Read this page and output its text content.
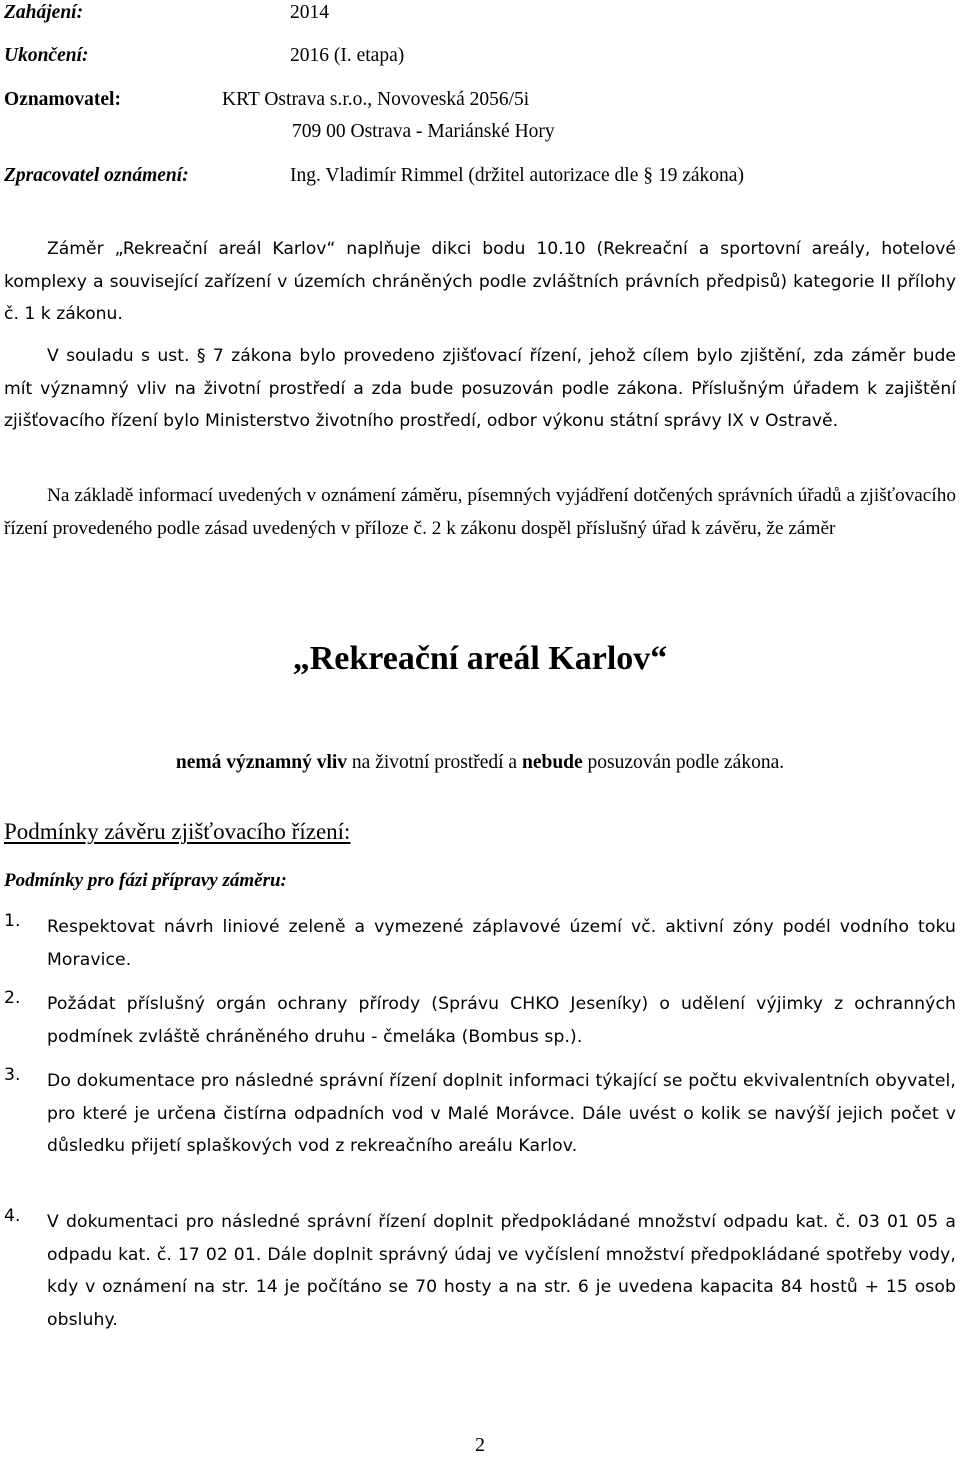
Zahájení:	2014
Ukončení:	2016 (I. etapa)
Oznamovatel:	KRT Ostrava s.r.o., Novoveská 2056/5i
709 00 Ostrava - Mariánské Hory
Zpracovatel oznámení:	Ing. Vladimír Rimmel (držitel autorizace dle § 19 zákona)
Záměr „Rekreační areál Karlov“ naplňuje dikci bodu 10.10 (Rekreační a sportovní areály, hotelové komplexy a související zařízení v územích chráněných podle zvláštních právních předpisů) kategorie II přílohy č. 1 k zákonu.
V souladu s ust. § 7 zákona bylo provedeno zjišťovací řízení, jehož cílem bylo zjištění, zda záměr bude mít významný vliv na životní prostředí a zda bude posuzován podle zákona. Příslušným úřadem k zajištění zjišťovacího řízení bylo Ministerstvo životního prostředí, odbor výkonu státní správy IX v Ostravě.
Na základě informací uvedených v oznámení záměru, písemných vyjádření dotčených správních úřadů a zjišťovacího řízení provedeného podle zásad uvedených v příloze č. 2 k zákonu dospěl příslušný úřad k závěru, že záměr
„Rekreační areál Karlov“
nemá významný vliv na životní prostředí a nebude posuzován podle zákona.
Podmínky závěru zjišťovacího řízení:
Podmínky pro fázi přípravy záměru:
1. Respektovat návrh liniové zeleně a vymezené záplavové území vč. aktivní zóny podél vodního toku Moravice.
2. Požádat příslušný orgán ochrany přírody (Správu CHKO Jeseníky) o udělení výjimky z ochranných podmínek zvláště chráněného druhu - čmeláka (Bombus sp.).
3. Do dokumentace pro následné správní řízení doplnit informaci týkající se počtu ekvivalentních obyvatel, pro které je určena čistírna odpadních vod v Malé Morávce. Dále uvést o kolik se navýší jejich počet v důsledku přijetí splaškových vod z rekreačního areálu Karlov.
4. V dokumentaci pro následné správní řízení doplnit předpokládané množství odpadu kat. č. 03 01 05 a odpadu kat. č. 17 02 01. Dále doplnit správný údaj ve vyčíslení množství předpokládané spotřeby vody, kdy v oznámení na str. 14 je počítáno se 70 hosty a na str. 6 je uvedena kapacita 84 hostů + 15 osob obsluhy.
2
